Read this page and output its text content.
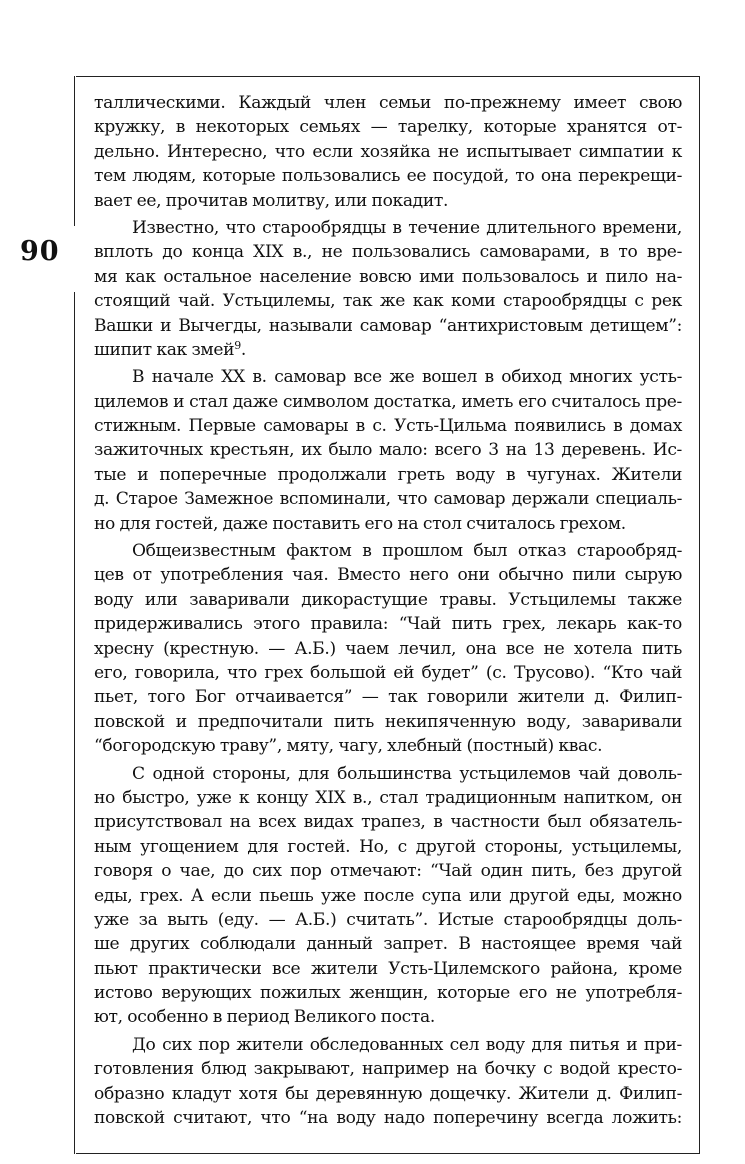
90
таллическими. Каждый член семьи по-прежнему имеет свою
кружку, в некоторых семьях — тарелку, которые хранятся от-
дельно. Интересно, что если хозяйка не испытывает симпатии к
тем людям, которые пользовались ее посудой, то она перекрещи-
вает ее, прочитав молитву, или покадит.
Известно, что старообрядцы в течение длительного времени,
вплоть до конца XIX в., не пользовались самоварами, в то вре-
мя как остальное население вовсю ими пользовалось и пило на-
стоящий чай. Устьцилемы, так же как коми старообрядцы с рек
Вашки и Вычегды, называли самовар “антихристовым детищем”:
шипит как змей$^9$.
В начале XX в. самовар все же вошел в обиход многих усть-
цилемов и стал даже символом достатка, иметь его считалось пре-
стижным. Первые самовары в с. Усть-Цильма появились в домах
зажиточных крестьян, их было мало: всего 3 на 13 деревень. Ис-
тые и поперечные продолжали греть воду в чугунах. Жители
д. Старое Замежное вспоминали, что самовар держали специаль-
но для гостей, даже поставить его на стол считалось грехом.
Общеизвестным фактом в прошлом был отказ старообряд-
цев от употребления чая. Вместо него они обычно пили сырую
воду или заваривали дикорастущие травы. Устьцилемы также
придерживались этого правила: “Чай пить грех, лекарь как-то
хресну (крестную. — А.Б.) чаем лечил, она все не хотела пить
его, говорила, что грех большой ей будет” (с. Трусово). “Кто чай
пьет, того Бог отчаивается” — так говорили жители д. Филип-
повской и предпочитали пить некипяченную воду, заваривали
“богородскую траву”, мяту, чагу, хлебный (постный) квас.
С одной стороны, для большинства устьцилемов чай доволь-
но быстро, уже к концу XIX в., стал традиционным напитком, он
присутствовал на всех видах трапез, в частности был обязатель-
ным угощением для гостей. Но, с другой стороны, устьцилемы,
говоря о чае, до сих пор отмечают: “Чай один пить, без другой
еды, грех. А если пьешь уже после супа или другой еды, можно
уже за выть (еду. — А.Б.) считать”. Истые старообрядцы доль-
ше других соблюдали данный запрет. В настоящее время чай
пьют практически все жители Усть-Цилемского района, кроме
истово верующих пожилых женщин, которые его не употребля-
ют, особенно в период Великого поста.
До сих пор жители обследованных сел воду для питья и при-
готовления блюд закрывают, например на бочку с водой кресто-
образно кладут хотя бы деревянную дощечку. Жители д. Филип-
повской считают, что “на воду надо поперечину всегда ложить:
